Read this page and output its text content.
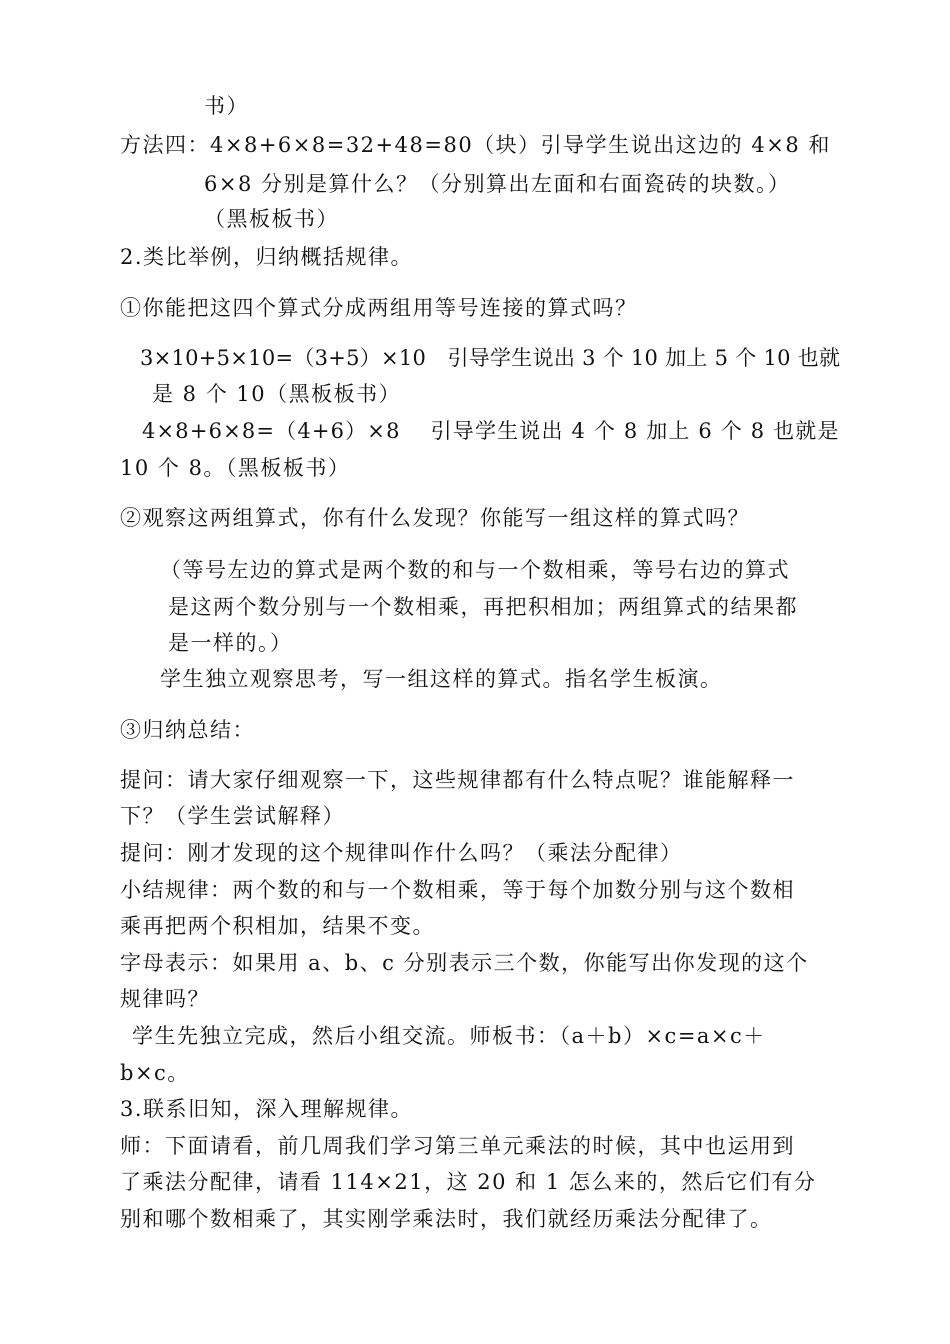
书）
方法四：4×8+6×8=32+48=80（块）引导学生说出这边的 4×8 和
6×8 分别是算什么？（分别算出左面和右面瓷砖的块数。）
（黑板板书）
2.类比举例，归纳概括规律。
①你能把这四个算式分成两组用等号连接的算式吗？
3×10+5×10=（3+5）×10　引导学生说出 3 个 10 加上 5 个 10 也就
是 8 个 10（黑板板书）
4×8+6×8=（4+6）×8　 引导学生说出 4 个 8 加上 6 个 8 也就是
10 个 8。（黑板板书）
②观察这两组算式，你有什么发现？你能写一组这样的算式吗？
（等号左边的算式是两个数的和与一个数相乘，等号右边的算式
是这两个数分别与一个数相乘，再把积相加；两组算式的结果都
是一样的。）
学生独立观察思考，写一组这样的算式。指名学生板演。
③归纳总结：
提问：请大家仔细观察一下，这些规律都有什么特点呢？谁能解释一
下？（学生尝试解释）
提问：刚才发现的这个规律叫作什么吗？（乘法分配律）
小结规律：两个数的和与一个数相乘，等于每个加数分别与这个数相
乘再把两个积相加，结果不变。
字母表示：如果用 a、b、c 分别表示三个数，你能写出你发现的这个
规律吗？
学生先独立完成，然后小组交流。师板书：（a＋b）×c=a×c＋
b×c。
3.联系旧知，深入理解规律。
师：下面请看，前几周我们学习第三单元乘法的时候，其中也运用到
了乘法分配律，请看 114×21，这 20 和 1 怎么来的，然后它们有分
别和哪个数相乘了，其实刚学乘法时，我们就经历乘法分配律了。
